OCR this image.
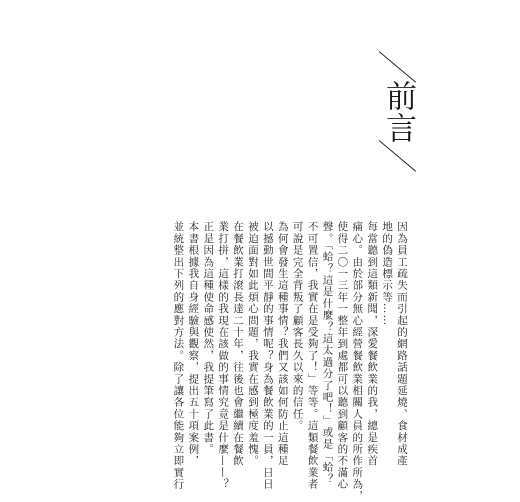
前言
因為員工疏失而引起的網路話題延燒、食材成產
地的偽造標示等……
每當聽到這類新聞，深愛餐飲業的我，總是疾首
痛心。由於部分無心經營餐飲業相關人員的所作所為，
使得二〇一三年一整年到處都可以聽到顧客的不滿心
聲。「蛤？這是什麼？這太過分了吧！」或是「蛤？
不可置信，我實在是受夠了！」等等。這類餐飲業者
可說是完全背叛了顧客長久以來的信任。
為何會發生這種事情？我們又該如何防止這種足
以撼動世間平靜的事情呢？身為餐飲業的一員，日日
被迫面對如此煩心問題，我實在感到極度羞愧。
在餐飲業打滾長達二十年，往後也會繼續在餐飲
業打拼，這樣的我現在該做的事情究竟是什麼——？
正是因為這種使命感使然，我提筆寫了此書。
本書根據我自身經驗與觀察，提出五十項案例，
並統整出下列的應對方法。除了讓各位能夠立即實行
